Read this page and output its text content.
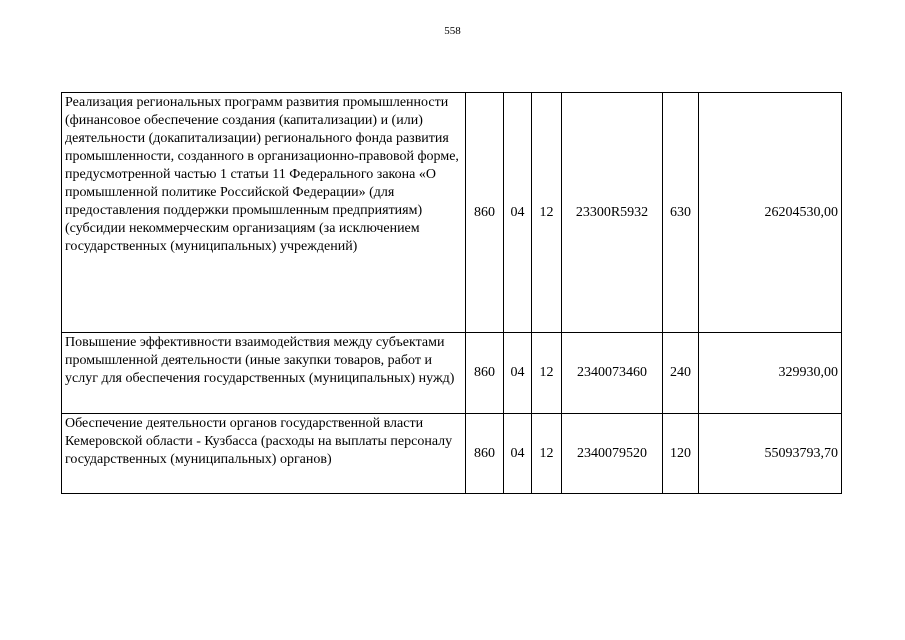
558
Реализация региональных программ развития промышленности (финансовое обеспечение создания (капитализации) и (или) деятельности (докапитализации) регионального фонда развития промышленности, созданного в организационно-правовой форме, предусмотренной частью 1 статьи 11 Федерального закона «О промышленной политике Российской Федерации» (для предоставления поддержки промышленным предприятиям) (субсидии некоммерческим организациям (за исключением государственных (муниципальных) учреждений)	860	04	12	23300R5932	630	26204530,00
Повышение эффективности взаимодействия между субъектами промышленной деятельности (иные закупки товаров, работ и услуг для обеспечения государственных (муниципальных) нужд)	860	04	12	2340073460	240	329930,00
Обеспечение деятельности органов государственной власти Кемеровской области - Кузбасса (расходы на выплаты персоналу государственных (муниципальных) органов)	860	04	12	2340079520	120	55093793,70
